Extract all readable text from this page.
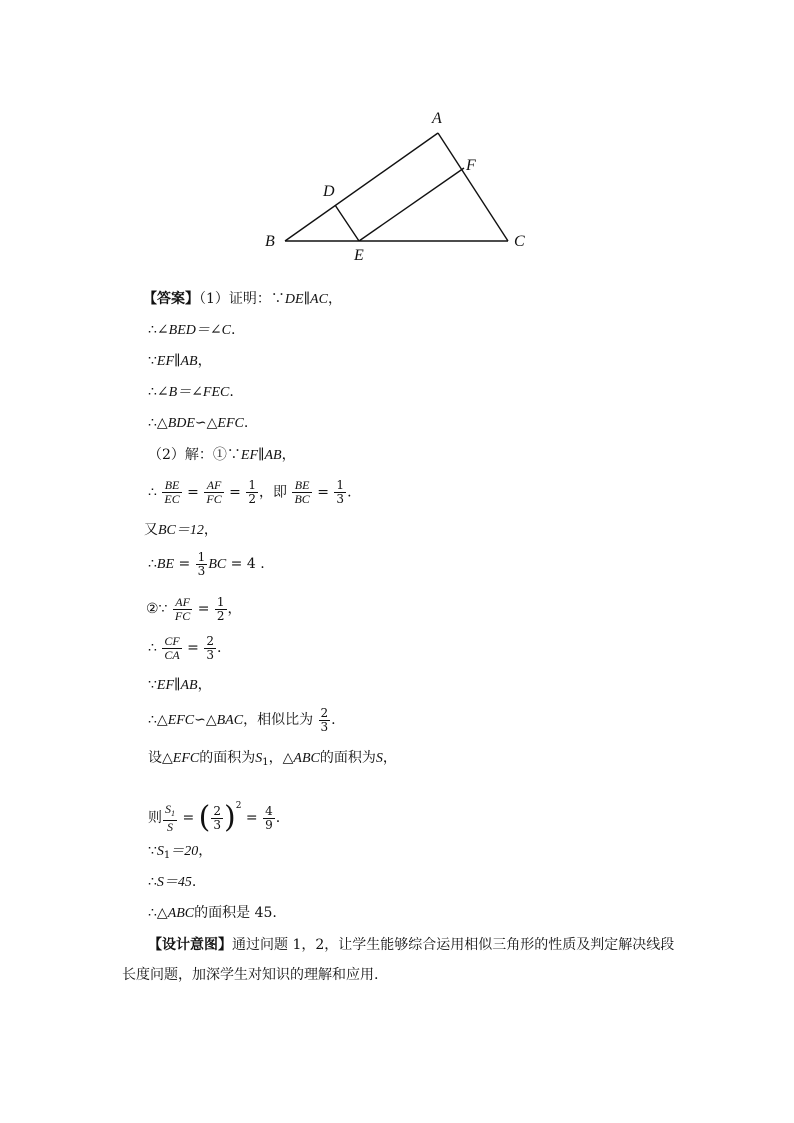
A
F
D
B
E
C
【答案】（1）证明：∵DE∥AC，
∴∠BED＝∠C.
∵EF∥AB，
∴∠B＝∠FEC.
∴△BDE∽△EFC.
（2）解：①∵EF∥AB，
∴ $\frac{BE}{EC} = \frac{AF}{FC} = \frac{1}{2}$ ，即 $\frac{BE}{BC} = \frac{1}{3}$ .
又BC＝12，
∴BE = $\frac{1}{3}$ BC = 4 .
②∵ $\frac{AF}{FC} = \frac{1}{2}$ ，
∴ $\frac{CF}{CA} = \frac{2}{3}$ .
∵EF∥AB，
∴△EFC∽△BAC，相似比为 $\frac{2}{3}$ .
设△EFC的面积为$S_1$，△ABC的面积为S，
则 $\frac{S_1}{S}$ = ( $\frac{2}{3} )^2 = \frac{4}{9}$ .
$\because S_1=20$，
∴S＝45.
∴△ABC的面积是 45.
【设计意图】通过问题 1，2，让学生能够综合运用相似三角形的性质及判定解决线段长度问题，加深学生对知识的理解和应用.
